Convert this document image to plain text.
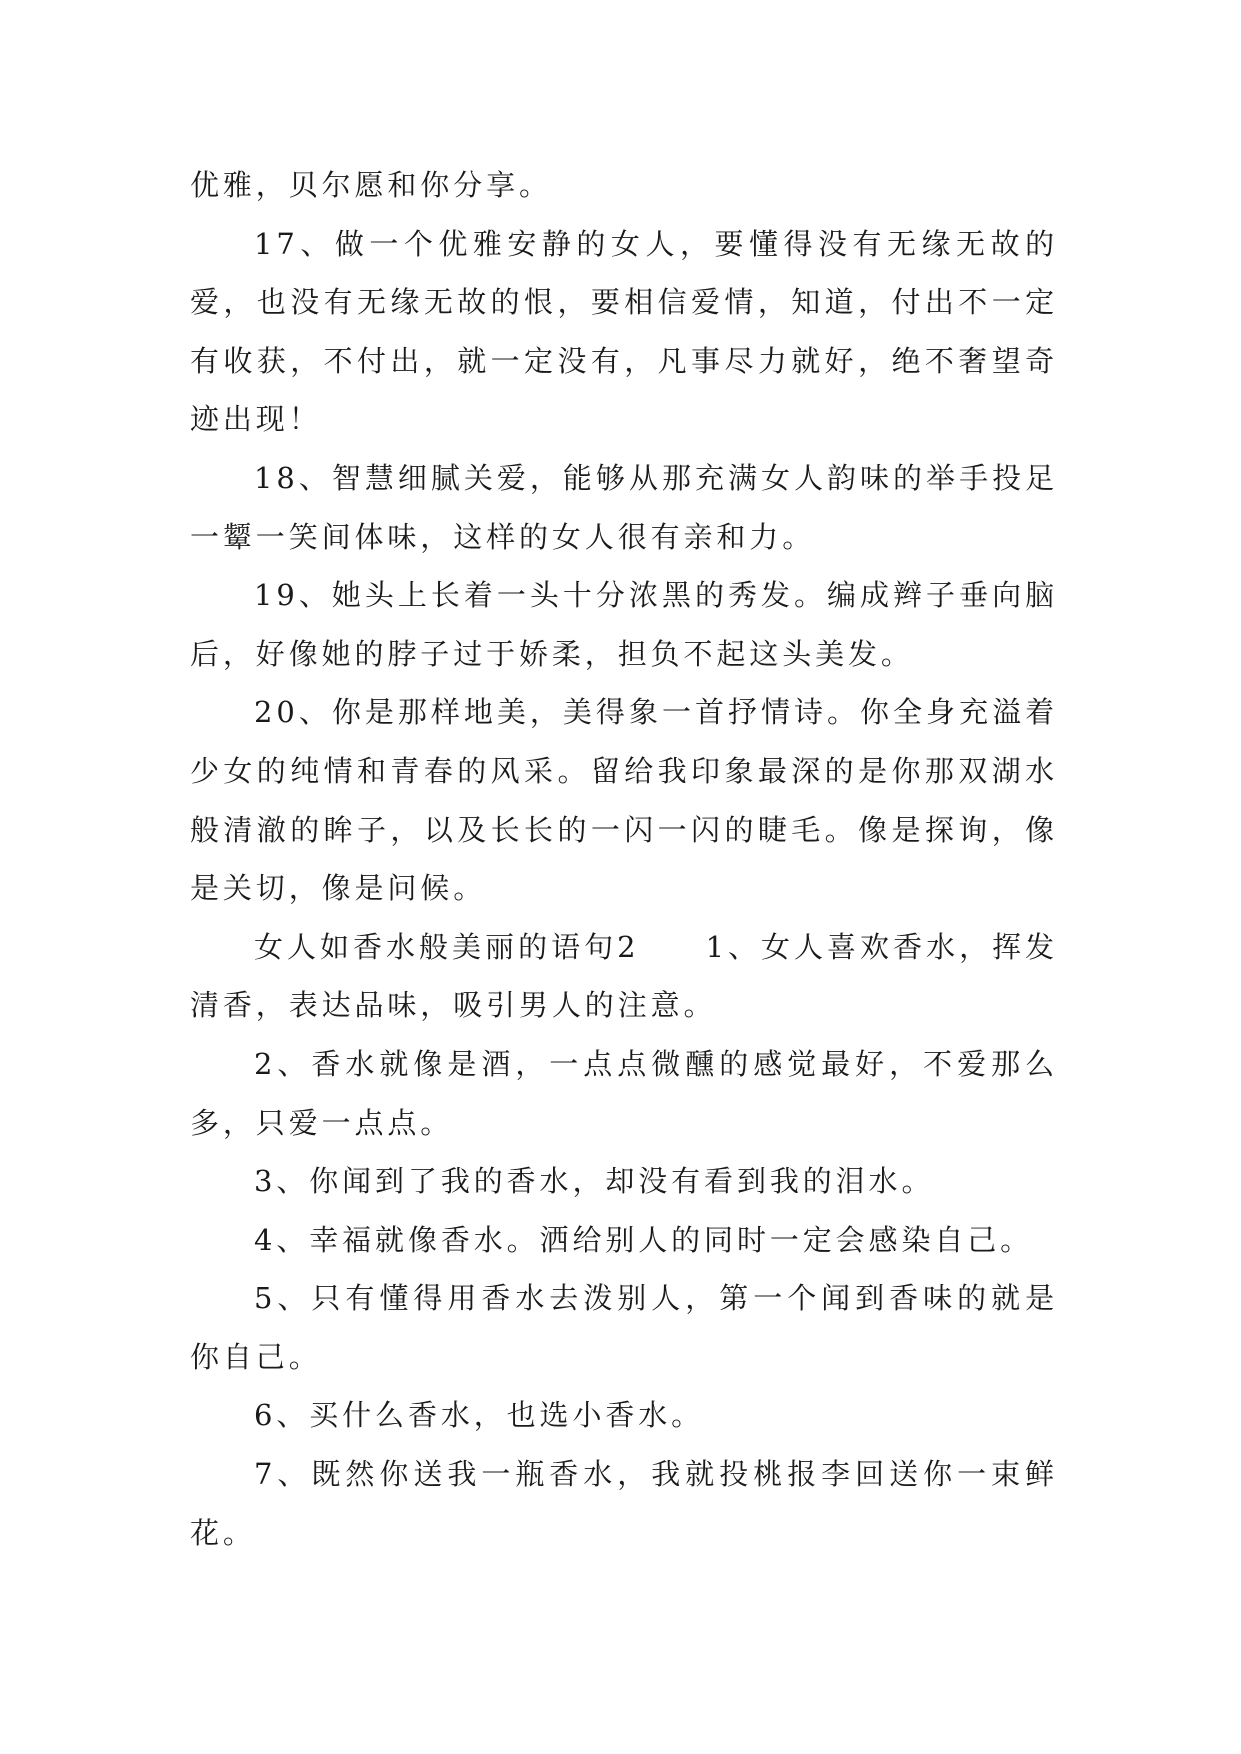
优雅，贝尔愿和你分享。

17、做一个优雅安静的女人，要懂得没有无缘无故的爱，也没有无缘无故的恨，要相信爱情，知道，付出不一定有收获，不付出，就一定没有，凡事尽力就好，绝不奢望奇迹出现！

18、智慧细腻关爱，能够从那充满女人韵味的举手投足一颦一笑间体味，这样的女人很有亲和力。

19、她头上长着一头十分浓黑的秀发。编成辫子垂向脑后，好像她的脖子过于娇柔，担负不起这头美发。

20、你是那样地美，美得象一首抒情诗。你全身充溢着少女的纯情和青春的风采。留给我印象最深的是你那双湖水般清澈的眸子，以及长长的一闪一闪的睫毛。像是探询，像是关切，像是问候。

女人如香水般美丽的语句2　　1、女人喜欢香水，挥发清香，表达品味，吸引男人的注意。

2、香水就像是酒，一点点微醺的感觉最好，不爱那么多，只爱一点点。

3、你闻到了我的香水，却没有看到我的泪水。

4、幸福就像香水。洒给别人的同时一定会感染自己。

5、只有懂得用香水去泼别人，第一个闻到香味的就是你自己。

6、买什么香水，也选小香水。

7、既然你送我一瓶香水，我就投桃报李回送你一束鲜花。
